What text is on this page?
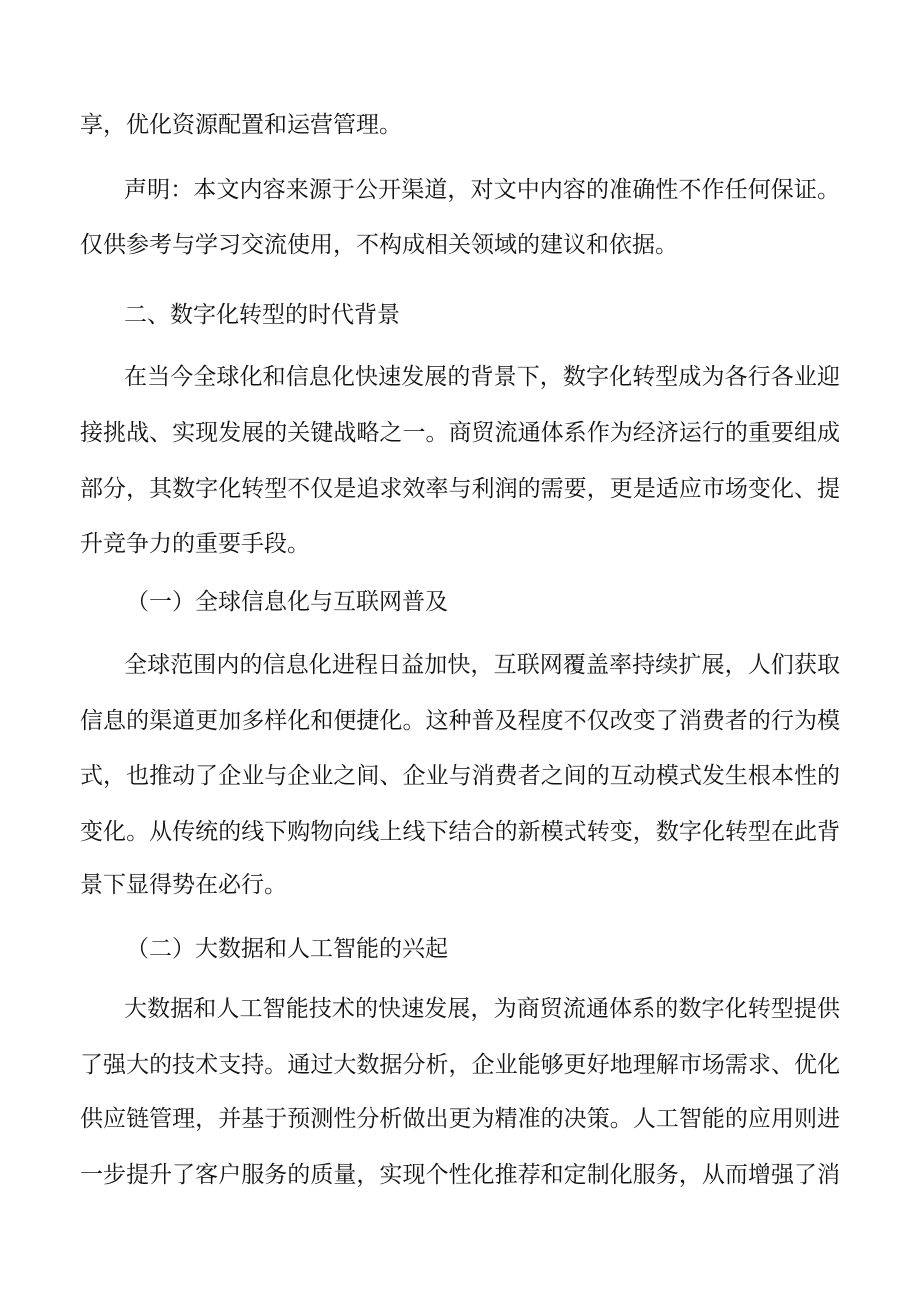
享，优化资源配置和运营管理。
声明：本文内容来源于公开渠道，对文中内容的准确性不作任何保证。
仅供参考与学习交流使用，不构成相关领域的建议和依据。
二、数字化转型的时代背景
在当今全球化和信息化快速发展的背景下，数字化转型成为各行各业迎
接挑战、实现发展的关键战略之一。商贸流通体系作为经济运行的重要组成
部分，其数字化转型不仅是追求效率与利润的需要，更是适应市场变化、提
升竞争力的重要手段。
（一）全球信息化与互联网普及
全球范围内的信息化进程日益加快，互联网覆盖率持续扩展，人们获取
信息的渠道更加多样化和便捷化。这种普及程度不仅改变了消费者的行为模
式，也推动了企业与企业之间、企业与消费者之间的互动模式发生根本性的
变化。从传统的线下购物向线上线下结合的新模式转变，数字化转型在此背
景下显得势在必行。
（二）大数据和人工智能的兴起
大数据和人工智能技术的快速发展，为商贸流通体系的数字化转型提供
了强大的技术支持。通过大数据分析，企业能够更好地理解市场需求、优化
供应链管理，并基于预测性分析做出更为精准的决策。人工智能的应用则进
一步提升了客户服务的质量，实现个性化推荐和定制化服务，从而增强了消
